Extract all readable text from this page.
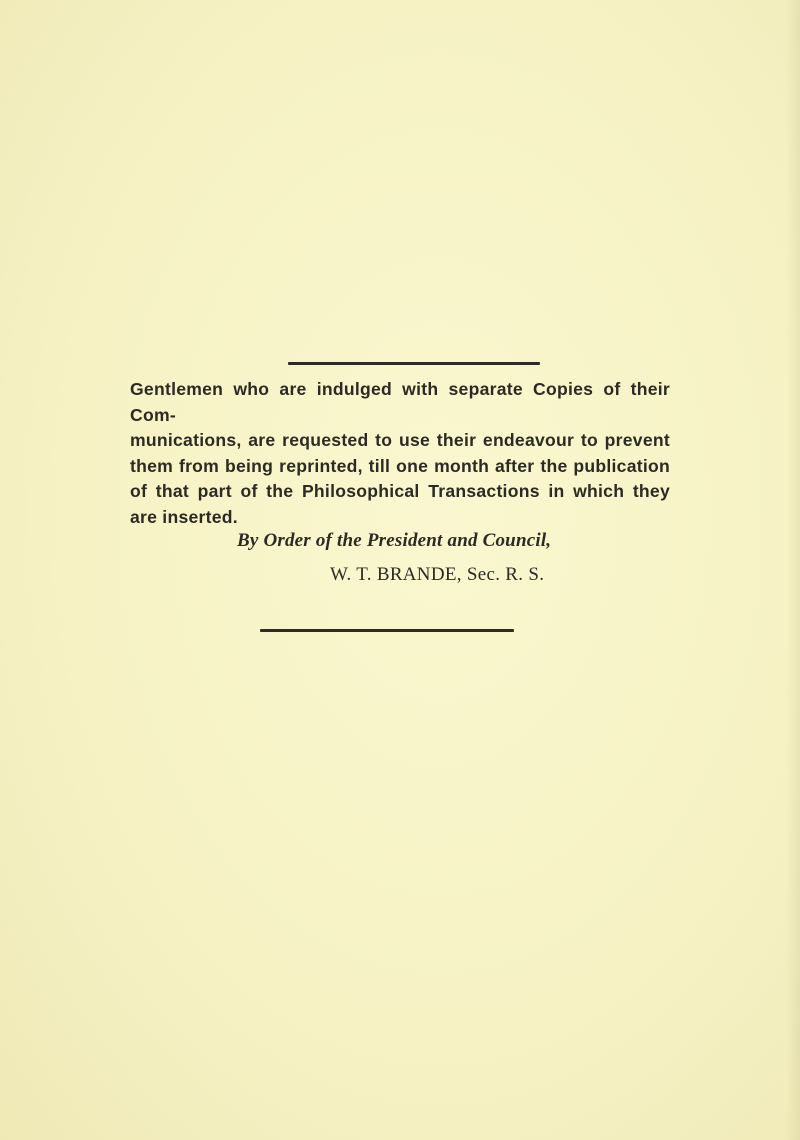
Gentlemen who are indulged with separate Copies of their Com-
munications, are requested to use their endeavour to prevent
them from being reprinted, till one month after the publication
of that part of the Philosophical Transactions in which they
are inserted.
By Order of the President and Council,
W. T. BRANDE, Sec. R. S.
